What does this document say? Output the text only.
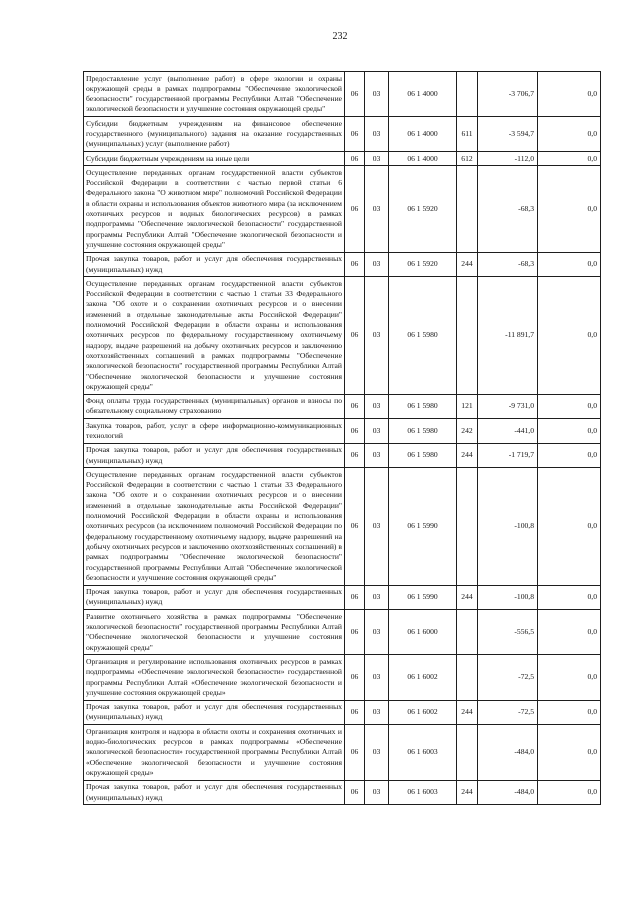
232
Предоставление услуг (выполнение работ) в сфере экологии и охраны окружающей среды в рамках подпрограммы "Обеспечение экологической безопасности" государственной программы Республики Алтай "Обеспечение экологической безопасности и улучшение состояния окружающей среды"	06	03	06 1 4000		-3 706,7	0,0
Субсидии бюджетным учреждениям на финансовое обеспечение государственного (муниципального) задания на оказание государственных (муниципальных) услуг (выполнение работ)	06	03	06 1 4000	611	-3 594,7	0,0
Субсидии бюджетным учреждениям на иные цели	06	03	06 1 4000	612	-112,0	0,0
Осуществление переданных органам государственной власти субъектов Российской Федерации в соответствии с частью первой статьи 6 Федерального закона "О животном мире" полномочий Российской Федерации в области охраны и использования объектов животного мира (за исключением охотничьих ресурсов и водных биологических ресурсов) в рамках подпрограммы "Обеспечение экологической безопасности" государственной программы Республики Алтай "Обеспечение экологической безопасности и улучшение состояния окружающей среды"	06	03	06 1 5920		-68,3	0,0
Прочая закупка товаров, работ и услуг для обеспечения государственных (муниципальных) нужд	06	03	06 1 5920	244	-68,3	0,0
Осуществление переданных органам государственной власти субъектов Российской Федерации в соответствии с частью 1 статьи 33 Федерального закона "Об охоте и о сохранении охотничьих ресурсов и о внесении изменений в отдельные законодательные акты Российской Федерации" полномочий Российской Федерации в области охраны и использования охотничьих ресурсов по федеральному государственному охотничьему надзору, выдаче разрешений на добычу охотничьих ресурсов и заключению охотхозяйственных соглашений в рамках подпрограммы "Обеспечение экологической безопасности" государственной программы Республики Алтай "Обеспечение экологической безопасности и улучшение состояния окружающей среды"	06	03	06 1 5980		-11 891,7	0,0
Фонд оплаты труда государственных (муниципальных) органов и взносы по обязательному социальному страхованию	06	03	06 1 5980	121	-9 731,0	0,0
Закупка товаров, работ, услуг в сфере информационно-коммуникационных технологий	06	03	06 1 5980	242	-441,0	0,0
Прочая закупка товаров, работ и услуг для обеспечения государственных (муниципальных) нужд	06	03	06 1 5980	244	-1 719,7	0,0
Осуществление переданных органам государственной власти субъектов Российской Федерации в соответствии с частью 1 статьи 33 Федерального закона "Об охоте и о сохранении охотничьих ресурсов и о внесении изменений в отдельные законодательные акты Российской Федерации" полномочий Российской Федерации в области охраны и использования охотничьих ресурсов (за исключением полномочий Российской Федерации по федеральному государственному охотничьему надзору, выдаче разрешений на добычу охотничьих ресурсов и заключению охотхозяйственных соглашений) в рамках подпрограммы "Обеспечение экологической безопасности" государственной программы Республики Алтай "Обеспечение экологической безопасности и улучшение состояния окружающей среды"	06	03	06 1 5990		-100,8	0,0
Прочая закупка товаров, работ и услуг для обеспечения государственных (муниципальных) нужд	06	03	06 1 5990	244	-100,8	0,0
Развитие охотничьего хозяйства в рамках подпрограммы "Обеспечение экологической безопасности" государственной программы Республики Алтай "Обеспечение экологической безопасности и улучшение состояния окружающей среды"	06	03	06 1 6000		-556,5	0,0
Организация и регулирование использования охотничьих ресурсов в рамках подпрограммы «Обеспечение экологической безопасности» государственной программы Республики Алтай «Обеспечение экологической безопасности и улучшение состояния окружающей среды»	06	03	06 1 6002		-72,5	0,0
Прочая закупка товаров, работ и услуг для обеспечения государственных (муниципальных) нужд	06	03	06 1 6002	244	-72,5	0,0
Организация контроля и надзора в области охоты и сохранения охотничьих и водно-биологических ресурсов в рамках подпрограммы «Обеспечение экологической безопасности» государственной программы Республики Алтай «Обеспечение экологической безопасности и улучшение состояния окружающей среды»	06	03	06 1 6003		-484,0	0,0
Прочая закупка товаров, работ и услуг для обеспечения государственных (муниципальных) нужд	06	03	06 1 6003	244	-484,0	0,0
